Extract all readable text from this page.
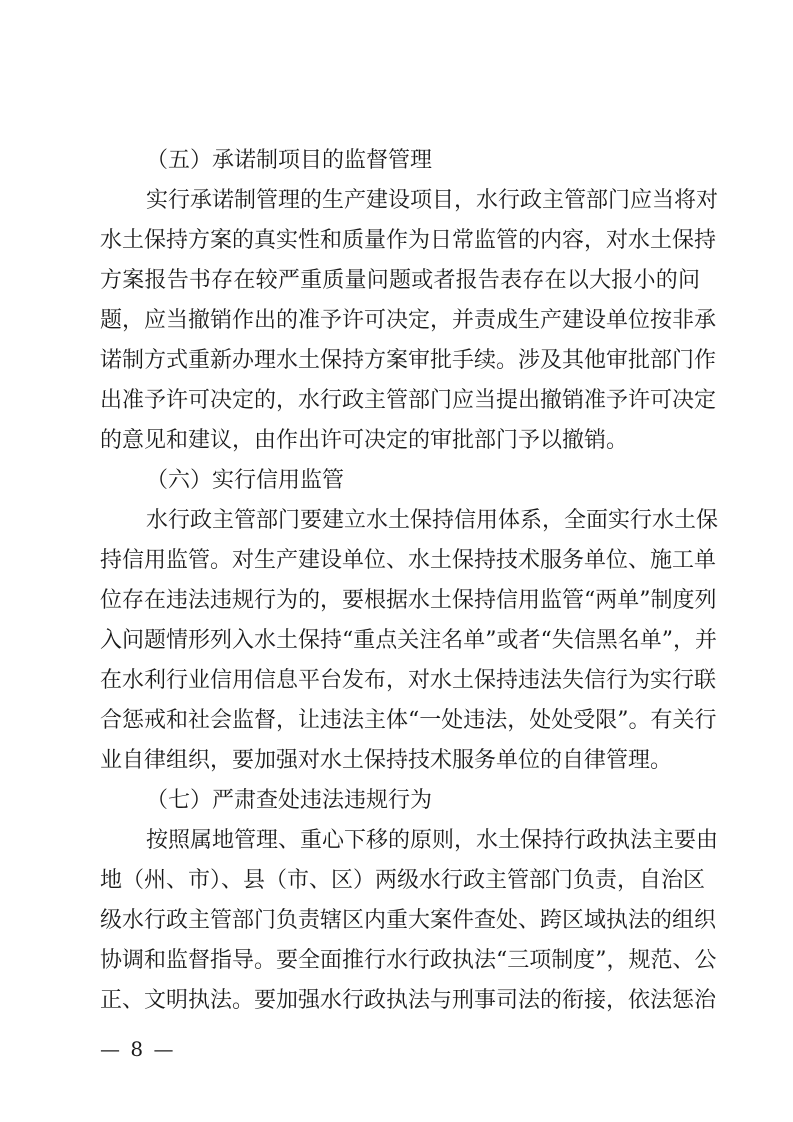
（五）承诺制项目的监督管理
实行承诺制管理的生产建设项目，水行政主管部门应当将对
水土保持方案的真实性和质量作为日常监管的内容，对水土保持
方案报告书存在较严重质量问题或者报告表存在以大报小的问
题，应当撤销作出的准予许可决定，并责成生产建设单位按非承
诺制方式重新办理水土保持方案审批手续。涉及其他审批部门作
出准予许可决定的，水行政主管部门应当提出撤销准予许可决定
的意见和建议，由作出许可决定的审批部门予以撤销。
（六）实行信用监管
水行政主管部门要建立水土保持信用体系，全面实行水土保
持信用监管。对生产建设单位、水土保持技术服务单位、施工单
位存在违法违规行为的，要根据水土保持信用监管“两单”制度列
入问题情形列入水土保持“重点关注名单”或者“失信黑名单”，并
在水利行业信用信息平台发布，对水土保持违法失信行为实行联
合惩戒和社会监督，让违法主体“一处违法，处处受限”。有关行
业自律组织，要加强对水土保持技术服务单位的自律管理。
（七）严肃查处违法违规行为
按照属地管理、重心下移的原则，水土保持行政执法主要由
地（州、市）、县（市、区）两级水行政主管部门负责，自治区
级水行政主管部门负责辖区内重大案件查处、跨区域执法的组织
协调和监督指导。要全面推行水行政执法“三项制度”，规范、公
正、文明执法。要加强水行政执法与刑事司法的衔接，依法惩治
— 8 —
